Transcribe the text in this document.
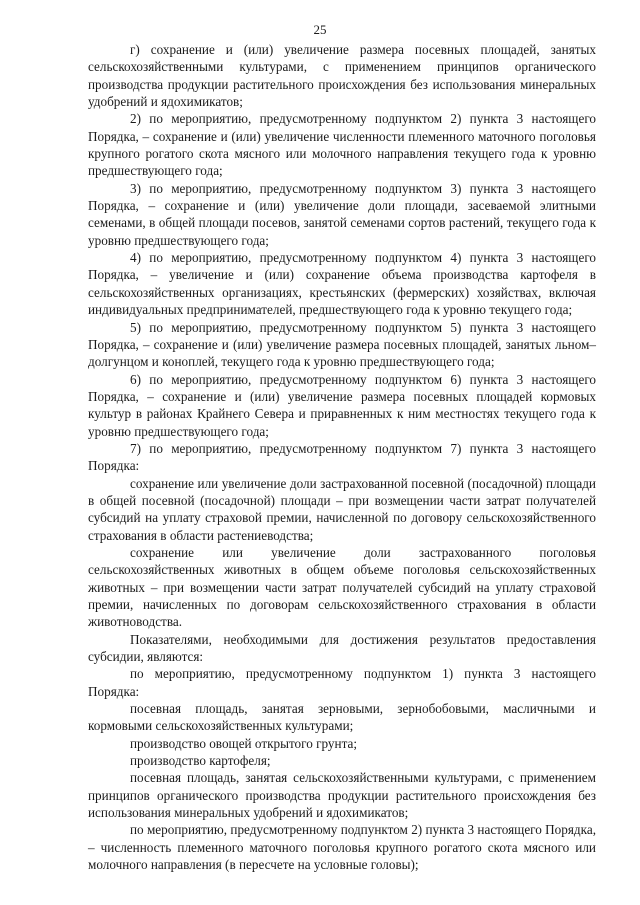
25

г) сохранение и (или) увеличение размера посевных площадей, занятых сельскохозяйственными культурами, с применением принципов органического производства продукции растительного происхождения без использования минеральных удобрений и ядохимикатов;

2) по мероприятию, предусмотренному подпунктом 2) пункта 3 настоящего Порядка, – сохранение и (или) увеличение численности племенного маточного поголовья крупного рогатого скота мясного или молочного направления текущего года к уровню предшествующего года;

3) по мероприятию, предусмотренному подпунктом 3) пункта 3 настоящего Порядка, – сохранение и (или) увеличение доли площади, засеваемой элитными семенами, в общей площади посевов, занятой семенами сортов растений, текущего года к уровню предшествующего года;

4) по мероприятию, предусмотренному подпунктом 4) пункта 3 настоящего Порядка, – увеличение и (или) сохранение объема производства картофеля в сельскохозяйственных организациях, крестьянских (фермерских) хозяйствах, включая индивидуальных предпринимателей, предшествующего года к уровню текущего года;

5) по мероприятию, предусмотренному подпунктом 5) пункта 3 настоящего Порядка, – сохранение и (или) увеличение размера посевных площадей, занятых льном–долгунцом и коноплей, текущего года к уровню предшествующего года;

6) по мероприятию, предусмотренному подпунктом 6) пункта 3 настоящего Порядка, – сохранение и (или) увеличение размера посевных площадей кормовых культур в районах Крайнего Севера и приравненных к ним местностях текущего года к уровню предшествующего года;

7) по мероприятию, предусмотренному подпунктом 7) пункта 3 настоящего Порядка:

сохранение или увеличение доли застрахованной посевной (посадочной) площади в общей посевной (посадочной) площади – при возмещении части затрат получателей субсидий на уплату страховой премии, начисленной по договору сельскохозяйственного страхования в области растениеводства;

сохранение или увеличение доли застрахованного поголовья сельскохозяйственных животных в общем объеме поголовья сельскохозяйственных животных – при возмещении части затрат получателей субсидий на уплату страховой премии, начисленных по договорам сельскохозяйственного страхования в области животноводства.

Показателями, необходимыми для достижения результатов предоставления субсидии, являются:

по мероприятию, предусмотренному подпунктом 1) пункта 3 настоящего Порядка:

посевная площадь, занятая зерновыми, зернобобовыми, масличными и кормовыми сельскохозяйственных культурами;

производство овощей открытого грунта;

производство картофеля;

посевная площадь, занятая сельскохозяйственными культурами, с применением принципов органического производства продукции растительного происхождения без использования минеральных удобрений и ядохимикатов;

по мероприятию, предусмотренному подпунктом 2) пункта 3 настоящего Порядка, – численность племенного маточного поголовья крупного рогатого скота мясного или молочного направления (в пересчете на условные головы);
